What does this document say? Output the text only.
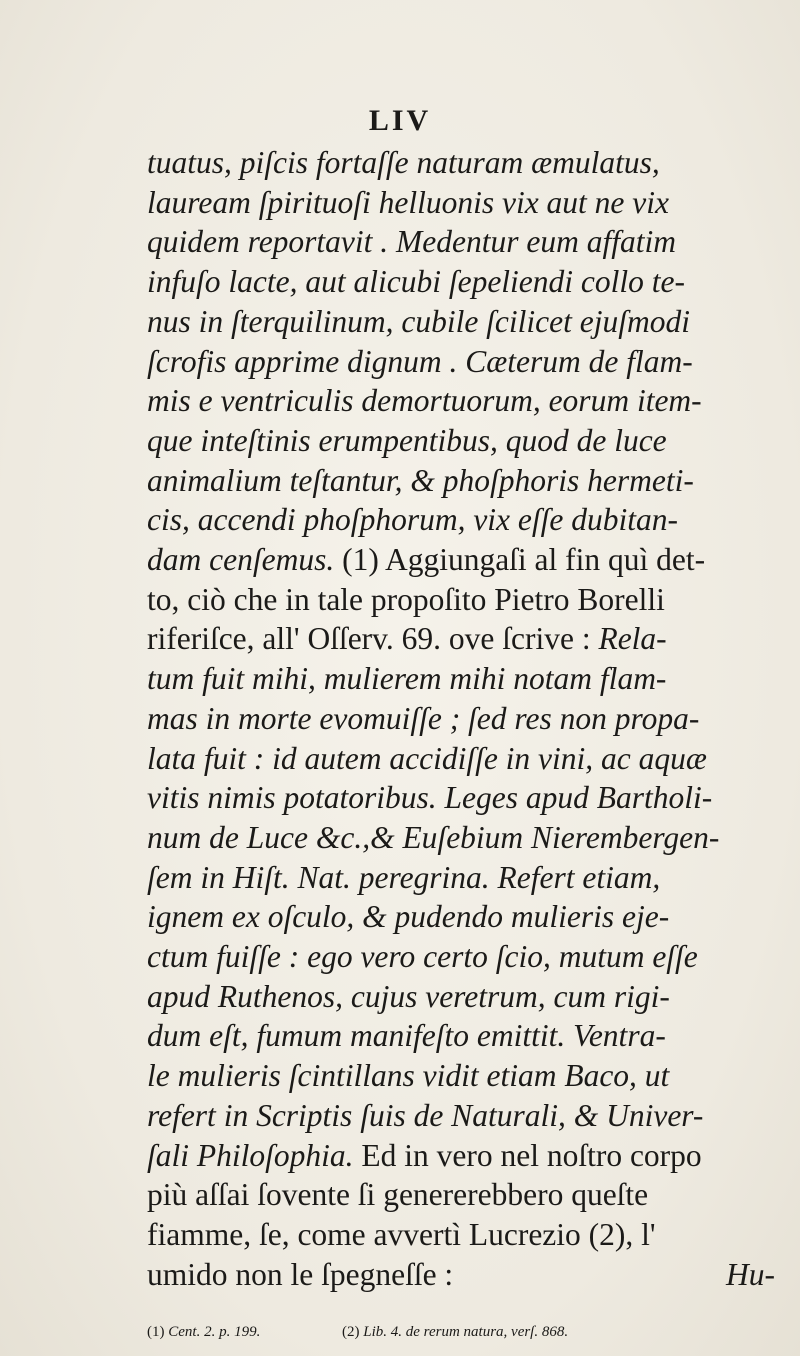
LIV
tuatus, piſcis fortaſſe naturam æmulatus,
lauream ſpirituoſi helluonis vix aut ne vix
quidem reportavit . Medentur eum affatim
infuſo lacte, aut alicubi ſepeliendi collo te-
nus in ſterquilinum, cubile ſcilicet ejuſmodi
ſcrofis apprime dignum . Cæterum de flam-
mis e ventriculis demortuorum, eorum item-
que inteſtinis erumpentibus, quod de luce
animalium teſtantur, & phoſphoris hermeti-
cis, accendi phoſphorum, vix eſſe dubitan-
dam cenſemus. (1) Aggiungaſi al fin quì det-
to, ciò che in tale propoſito Pietro Borelli
riferiſce, all' Oſſerv. 69. ove ſcrive : Rela-
tum fuit mihi, mulierem mihi notam flam-
mas in morte evomuiſſe ; ſed res non propa-
lata fuit : id autem accidiſſe in vini, ac aquæ
vitis nimis potatoribus. Leges apud Bartholi-
num de Luce &c.,& Euſebium Nierembergen-
ſem in Hiſt. Nat. peregrina. Refert etiam,
ignem ex oſculo, & pudendo mulieris eje-
ctum fuiſſe : ego vero certo ſcio, mutum eſſe
apud Ruthenos, cujus veretrum, cum rigi-
dum eſt, fumum manifeſto emittit. Ventra-
le mulieris ſcintillans vidit etiam Baco, ut
refert in Scriptis ſuis de Naturali, & Univer-
ſali Philoſophia. Ed in vero nel noſtro corpo
più aſſai ſovente ſi genererebbero queſte
fiamme, ſe, come avvertì Lucrezio (2), l'
umido non le ſpegneſſe :	Hu-
(1) Cent. 2. p. 199.	(2) Lib. 4. de rerum natura, verſ. 868.
